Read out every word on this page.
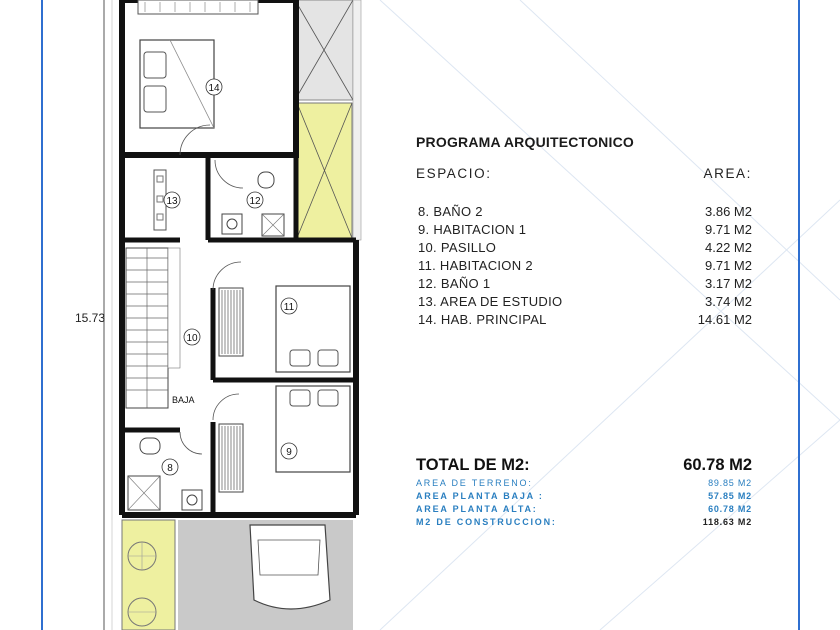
14
13	12
11
10
9
8
BAJA
15.73
PROGRAMA ARQUITECTONICO
ESPACIO:	AREA:
8. BAÑO 2	3.86 M2
9. HABITACION 1	9.71 M2
10. PASILLO	4.22 M2
11. HABITACION 2	9.71 M2
12. BAÑO 1	3.17 M2
13. AREA DE ESTUDIO	3.74 M2
14. HAB. PRINCIPAL	14.61 M2
TOTAL DE M2:	60.78 M2
AREA DE TERRENO:	89.85 M2
AREA PLANTA BAJA :	57.85 M2
AREA PLANTA ALTA:	60.78 M2
M2 DE CONSTRUCCION:	118.63 M2
